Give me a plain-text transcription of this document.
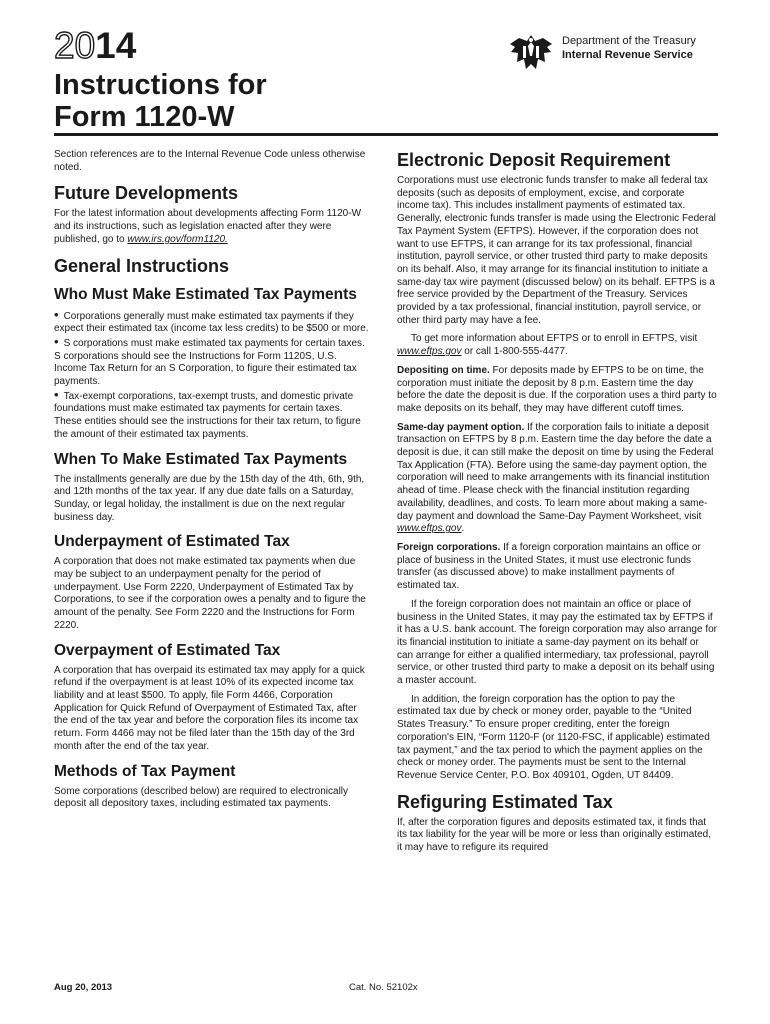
2014
Instructions for
Form 1120-W
Department of the Treasury
Internal Revenue Service

Section references are to the Internal Revenue Code unless otherwise noted.

Future Developments

For the latest information about developments affecting Form 1120-W and its instructions, such as legislation enacted after they were published, go to www.irs.gov/form1120.

General Instructions
Who Must Make Estimated Tax Payments
• Corporations generally must make estimated tax payments if they expect their estimated tax (income tax less credits) to be $500 or more.
• S corporations must make estimated tax payments for certain taxes. S corporations should see the Instructions for Form 1120S, U.S. Income Tax Return for an S Corporation, to figure their estimated tax payments.
• Tax-exempt corporations, tax-exempt trusts, and domestic private foundations must make estimated tax payments for certain taxes. These entities should see the instructions for their tax return, to figure the amount of their estimated tax payments.
When To Make Estimated Tax Payments

The installments generally are due by the 15th day of the 4th, 6th, 9th, and 12th months of the tax year. If any due date falls on a Saturday, Sunday, or legal holiday, the installment is due on the next regular business day.

Underpayment of Estimated Tax

A corporation that does not make estimated tax payments when due may be subject to an underpayment penalty for the period of underpayment. Use Form 2220, Underpayment of Estimated Tax by Corporations, to see if the corporation owes a penalty and to figure the amount of the penalty. See Form 2220 and the Instructions for Form 2220.

Overpayment of Estimated Tax

A corporation that has overpaid its estimated tax may apply for a quick refund if the overpayment is at least 10% of its expected income tax liability and at least $500. To apply, file Form 4466, Corporation Application for Quick Refund of Overpayment of Estimated Tax, after the end of the tax year and before the corporation files its income tax return. Form 4466 may not be filed later than the 15th day of the 3rd month after the end of the tax year.

Methods of Tax Payment

Some corporations (described below) are required to electronically deposit all depository taxes, including estimated tax payments.

Electronic Deposit Requirement

Corporations must use electronic funds transfer to make all federal tax deposits (such as deposits of employment, excise, and corporate income tax). This includes installment payments of estimated tax. Generally, electronic funds transfer is made using the Electronic Federal Tax Payment System (EFTPS). However, if the corporation does not want to use EFTPS, it can arrange for its tax professional, financial institution, payroll service, or other trusted third party to make deposits on its behalf. Also, it may arrange for its financial institution to initiate a same-day tax wire payment (discussed below) on its behalf. EFTPS is a free service provided by the Department of the Treasury. Services provided by a tax professional, financial institution, payroll service, or other third party may have a fee.

To get more information about EFTPS or to enroll in EFTPS, visit www.eftps.gov or call 1-800-555-4477.

Depositing on time. For deposits made by EFTPS to be on time, the corporation must initiate the deposit by 8 p.m. Eastern time the day before the date the deposit is due. If the corporation uses a third party to make deposits on its behalf, they may have different cutoff times.

Same-day payment option. If the corporation fails to initiate a deposit transaction on EFTPS by 8 p.m. Eastern time the day before the date a deposit is due, it can still make the deposit on time by using the Federal Tax Application (FTA). Before using the same-day payment option, the corporation will need to make arrangements with its financial institution ahead of time. Please check with the financial institution regarding availability, deadlines, and costs. To learn more about making a same-day payment and download the Same-Day Payment Worksheet, visit www.eftps.gov.

Foreign corporations. If a foreign corporation maintains an office or place of business in the United States, it must use electronic funds transfer (as discussed above) to make installment payments of estimated tax.

If the foreign corporation does not maintain an office or place of business in the United States, it may pay the estimated tax by EFTPS if it has a U.S. bank account. The foreign corporation may also arrange for its financial institution to initiate a same-day payment on its behalf or can arrange for either a qualified intermediary, tax professional, payroll service, or other trusted third party to make a deposit on its behalf using a master account.

In addition, the foreign corporation has the option to pay the estimated tax due by check or money order, payable to the “United States Treasury.” To ensure proper crediting, enter the foreign corporation's EIN, “Form 1120-F (or 1120-FSC, if applicable) estimated tax payment,” and the tax period to which the payment applies on the check or money order. The payments must be sent to the Internal Revenue Service Center, P.O. Box 409101, Ogden, UT 84409.

Refiguring Estimated Tax

If, after the corporation figures and deposits estimated tax, it finds that its tax liability for the year will be more or less than originally estimated, it may have to refigure its required

Aug 20, 2013	Cat. No. 52102x
